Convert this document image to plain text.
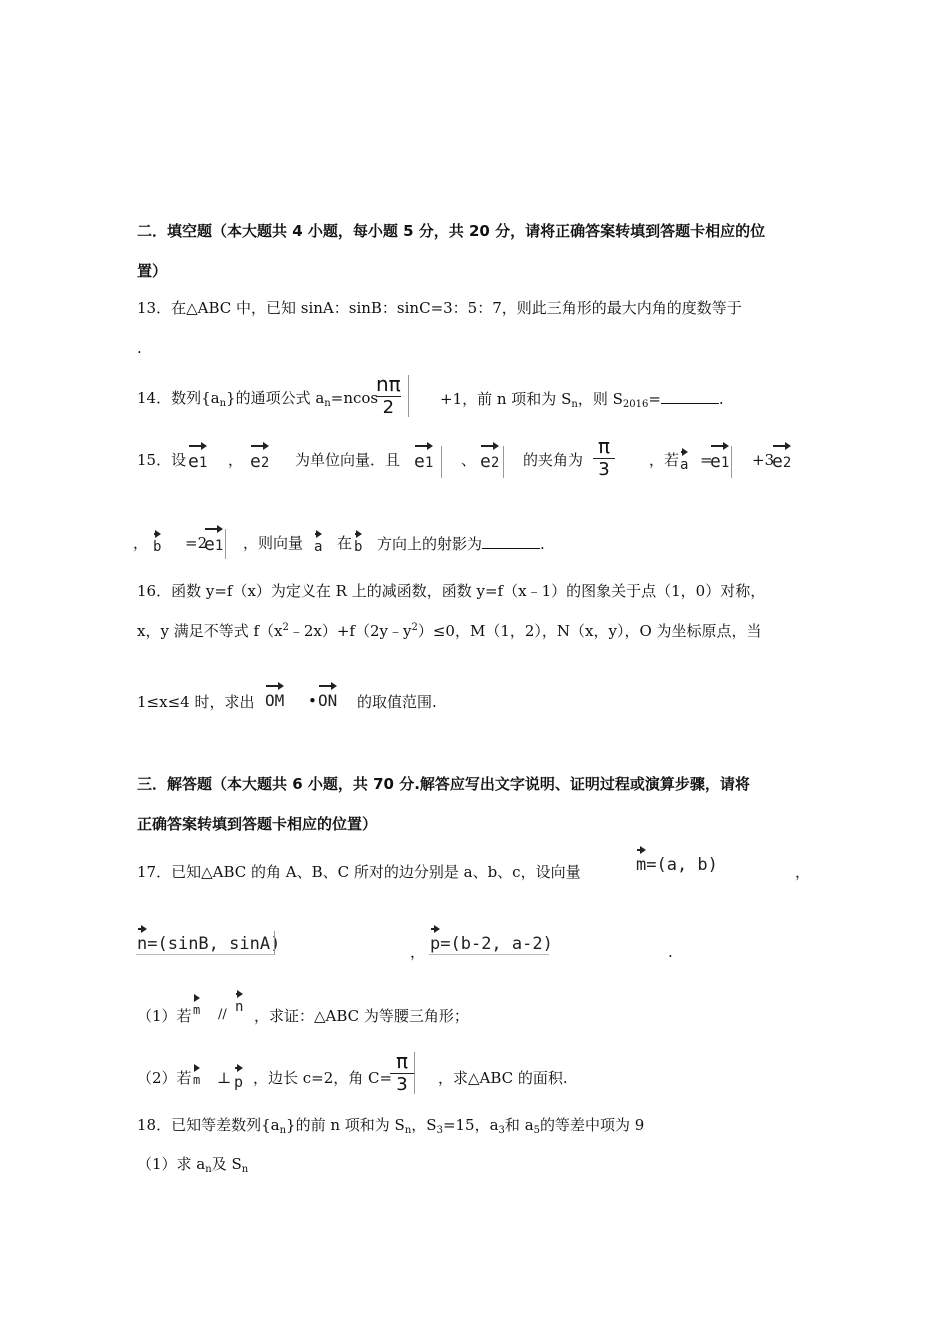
二．填空题（本大题共 4 小题，每小题 5 分，共 20 分，请将正确答案转填到答题卡相应的位
置）
13．在△ABC 中，已知 sinA：sinB：sinC=3：5：7，则此三角形的最大内角的度数等于
.
14．数列$\{a_n\}$的通项公式 $a_n=ncos$
nπ
2	+1，前 n 项和为 $S_n$，则 $S_{2016}=$	.
15．设 e1 ， e2 为单位向量．且 e1 、 e2 的夹角为
π
3	，若 a =
e1 +3
e2
， b =2
e1 ，则向量 a 在 b 方向上的射影为	.
16．函数 y=f（x）为定义在 R 上的减函数，函数 y=f（x﹣1）的图象关于点（1，0）对称，
x，y 满足不等式 $f(x^2﹣2x)+f(2y﹣y^2)\le 0$，M（1，2），N（x，y），O 为坐标原点，当
1≤x≤4 时，求出 OM • ON 的取值范围.
三．解答题（本大题共 6 小题，共 70 分.解答应写出文字说明、证明过程或演算步骤，请将
正确答案转填到答题卡相应的位置）
17．已知△ABC 的角 A、B、C 所对的边分别是 a、b、c，设向量	m=(a, b)	，
n=(sinB, sinA)	， p=(b-2, a-2)	.
（1）若 m // n ，求证：△ABC 为等腰三角形；
（2）若 m ⊥ p ，边长 c=2，角 C=
π
3 ，求△ABC 的面积.
18．已知等差数列$\{a_n\}$的前 n 项和为 $S_n$，$S_3=15$，$a_3$和 $a_5$的等差中项为 9
（1）求 $a_n$及 $S_n$
